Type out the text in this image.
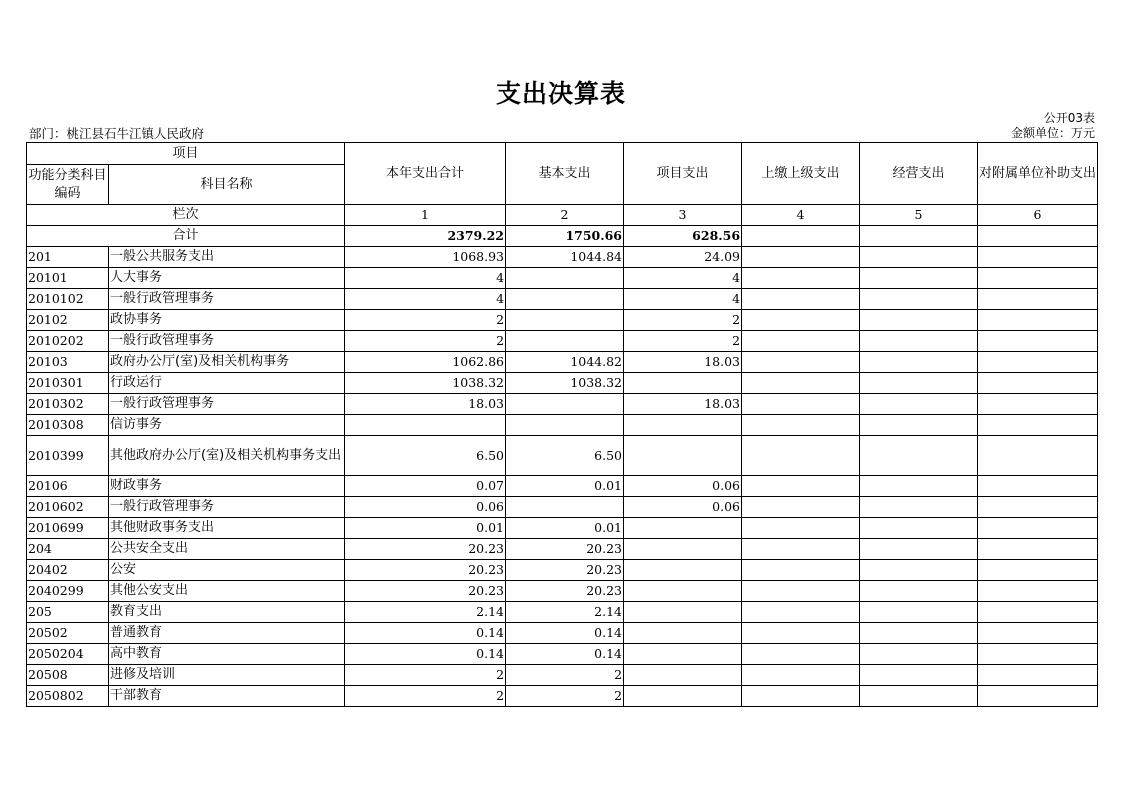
支出决算表
公开03表
部门：桃江县石牛江镇人民政府	金额单位：万元
项目		本年支出合计	基本支出	项目支出	上缴上级支出	经营支出	对附属单位补助支出
功能分类科目编码	科目名称						
栏次		1	2	3	4	5	6
合计		2379.22	1750.66	628.56			
201	一般公共服务支出	1068.93	1044.84	24.09			
20101	人大事务	4		4			
2010102	一般行政管理事务	4		4			
20102	政协事务	2		2			
2010202	一般行政管理事务	2		2			
20103	政府办公厅(室)及相关机构事务	1062.86	1044.82	18.03			
2010301	行政运行	1038.32	1038.32				
2010302	一般行政管理事务	18.03		18.03			
2010308	信访事务						
2010399	其他政府办公厅(室)及相关机构事务支出	6.50	6.50				
20106	财政事务	0.07	0.01	0.06			
2010602	一般行政管理事务	0.06		0.06			
2010699	其他财政事务支出	0.01	0.01				
204	公共安全支出	20.23	20.23				
20402	公安	20.23	20.23				
2040299	其他公安支出	20.23	20.23				
205	教育支出	2.14	2.14				
20502	普通教育	0.14	0.14				
2050204	高中教育	0.14	0.14				
20508	进修及培训	2	2				
2050802	干部教育	2	2				
